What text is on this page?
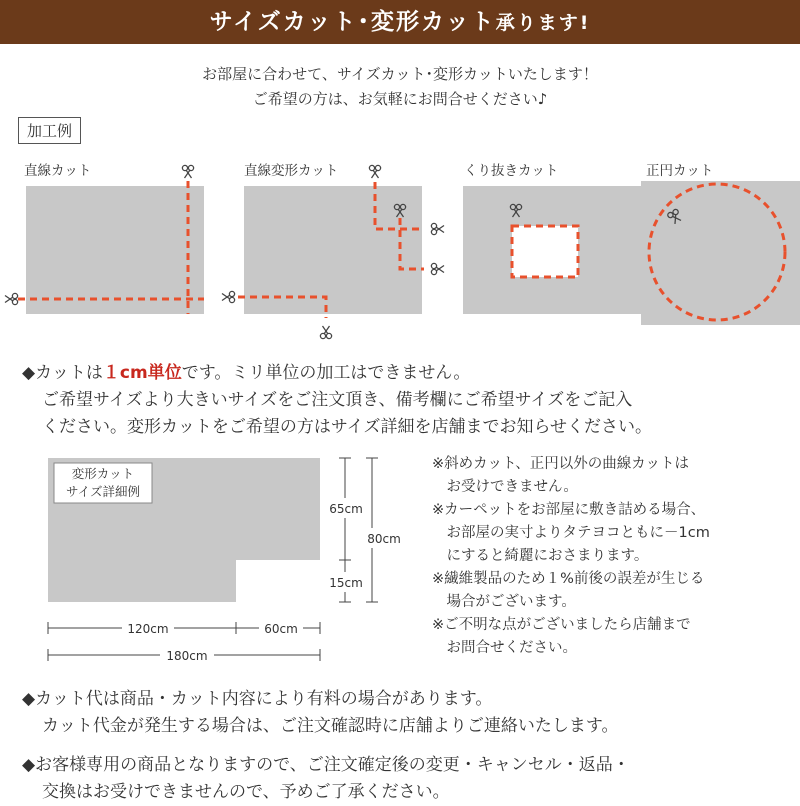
サイズカット･変形カット承ります!
お部屋に合わせて、サイズカット･変形カットいたします！
ご希望の方は、お気軽にお問合せください♪
加工例
直線カット	直線変形カット	くり抜きカット	正円カット
◆カットは１cm単位です。ミリ単位の加工はできません。
ご希望サイズより大きいサイズをご注文頂き、備考欄にご希望サイズをご記入
ください。変形カットをご希望の方はサイズ詳細を店舗までお知らせください。
変形カット
サイズ詳細例
65cm
15cm
80cm
120cm	60cm
180cm

※斜めカット、正円以外の曲線カットは

　お受けできません。

※カーペットをお部屋に敷き詰める場合、

　お部屋の実寸よりタテヨコともに－1cm

　にすると綺麗におさまります。

※繊維製品のため１%前後の誤差が生じる

　場合がございます。

※ご不明な点がございましたら店舗まで

　お問合せください。

◆カット代は商品・カット内容により有料の場合があります。
カット代金が発生する場合は、ご注文確認時に店舗よりご連絡いたします。
◆お客様専用の商品となりますので、ご注文確定後の変更・キャンセル・返品・
交換はお受けできませんので、予めご了承ください。
